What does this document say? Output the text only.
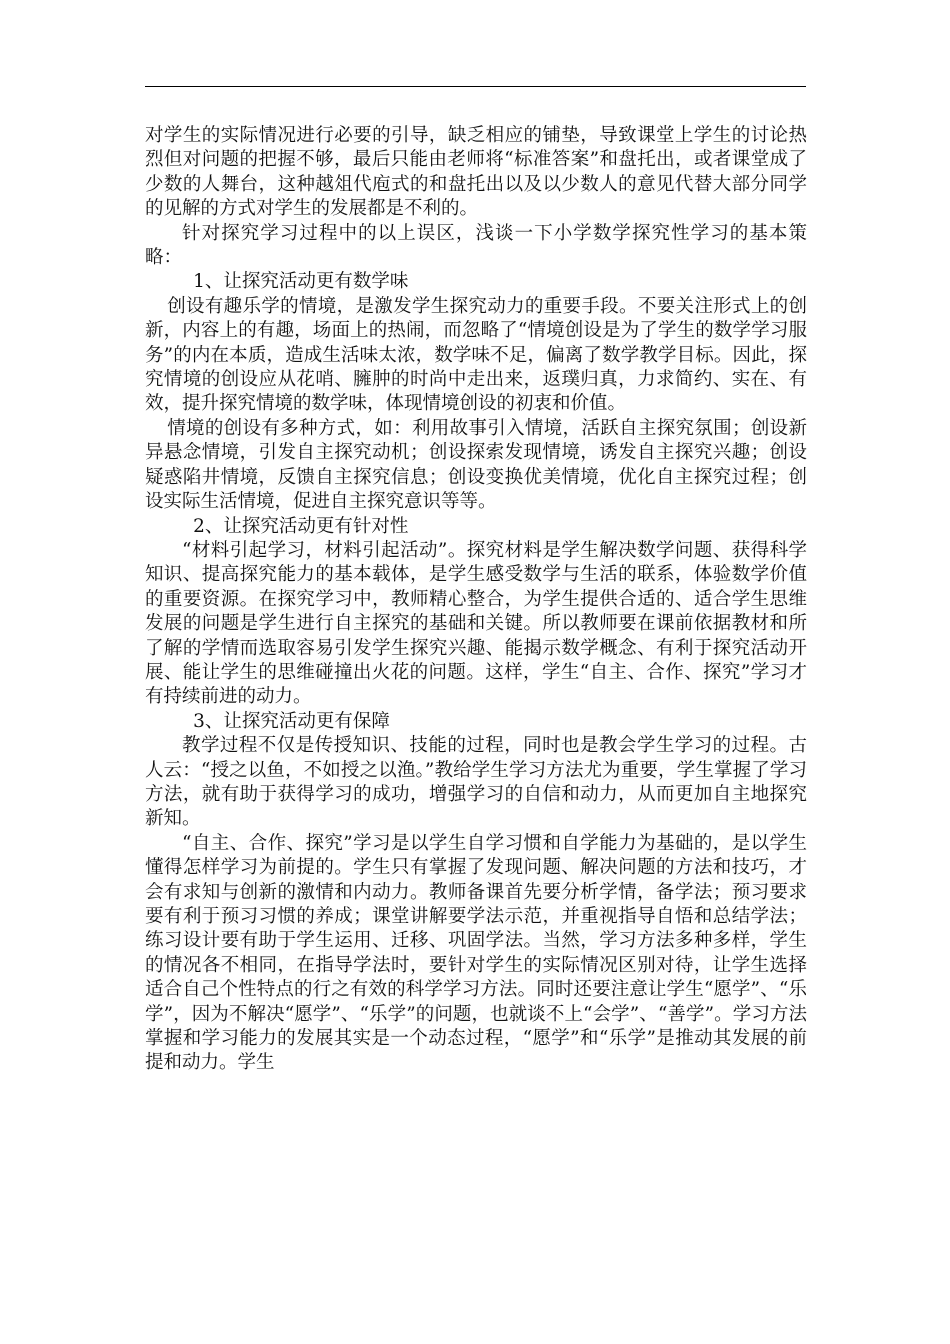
对学生的实际情况进行必要的引导，缺乏相应的铺垫，导致课堂上学生的讨论热烈但对问题的把握不够，最后只能由老师将“标准答案”和盘托出，或者课堂成了少数的人舞台，这种越俎代庖式的和盘托出以及以少数人的意见代替大部分同学的见解的方式对学生的发展都是不利的。

针对探究学习过程中的以上误区，浅谈一下小学数学探究性学习的基本策略：

1、让探究活动更有数学味

创设有趣乐学的情境，是激发学生探究动力的重要手段。不要关注形式上的创新，内容上的有趣，场面上的热闹，而忽略了“情境创设是为了学生的数学学习服务”的内在本质，造成生活味太浓，数学味不足，偏离了数学教学目标。因此，探究情境的创设应从花哨、臃肿的时尚中走出来，返璞归真，力求简约、实在、有效，提升探究情境的数学味，体现情境创设的初衷和价值。

情境的创设有多种方式，如：利用故事引入情境，活跃自主探究氛围；创设新异悬念情境，引发自主探究动机；创设探索发现情境，诱发自主探究兴趣；创设疑惑陷井情境，反馈自主探究信息；创设变换优美情境，优化自主探究过程；创设实际生活情境，促进自主探究意识等等。

2、让探究活动更有针对性

“材料引起学习，材料引起活动”。探究材料是学生解决数学问题、获得科学知识、提高探究能力的基本载体，是学生感受数学与生活的联系，体验数学价值的重要资源。在探究学习中，教师精心整合，为学生提供合适的、适合学生思维发展的问题是学生进行自主探究的基础和关键。所以教师要在课前依据教材和所了解的学情而选取容易引发学生探究兴趣、能揭示数学概念、有利于探究活动开展、能让学生的思维碰撞出火花的问题。这样，学生“自主、合作、探究”学习才有持续前进的动力。

3、让探究活动更有保障

教学过程不仅是传授知识、技能的过程，同时也是教会学生学习的过程。古人云：“授之以鱼，不如授之以渔。”教给学生学习方法尤为重要，学生掌握了学习方法，就有助于获得学习的成功，增强学习的自信和动力，从而更加自主地探究新知。

“自主、合作、探究”学习是以学生自学习惯和自学能力为基础的，是以学生懂得怎样学习为前提的。学生只有掌握了发现问题、解决问题的方法和技巧，才会有求知与创新的激情和内动力。教师备课首先要分析学情，备学法；预习要求要有利于预习习惯的养成；课堂讲解要学法示范，并重视指导自悟和总结学法；练习设计要有助于学生运用、迁移、巩固学法。当然，学习方法多种多样，学生的情况各不相同，在指导学法时，要针对学生的实际情况区别对待，让学生选择适合自己个性特点的行之有效的科学学习方法。同时还要注意让学生“愿学”、“乐学”，因为不解决“愿学”、“乐学”的问题，也就谈不上“会学”、“善学”。学习方法掌握和学习能力的发展其实是一个动态过程，“愿学”和“乐学”是推动其发展的前提和动力。学生
